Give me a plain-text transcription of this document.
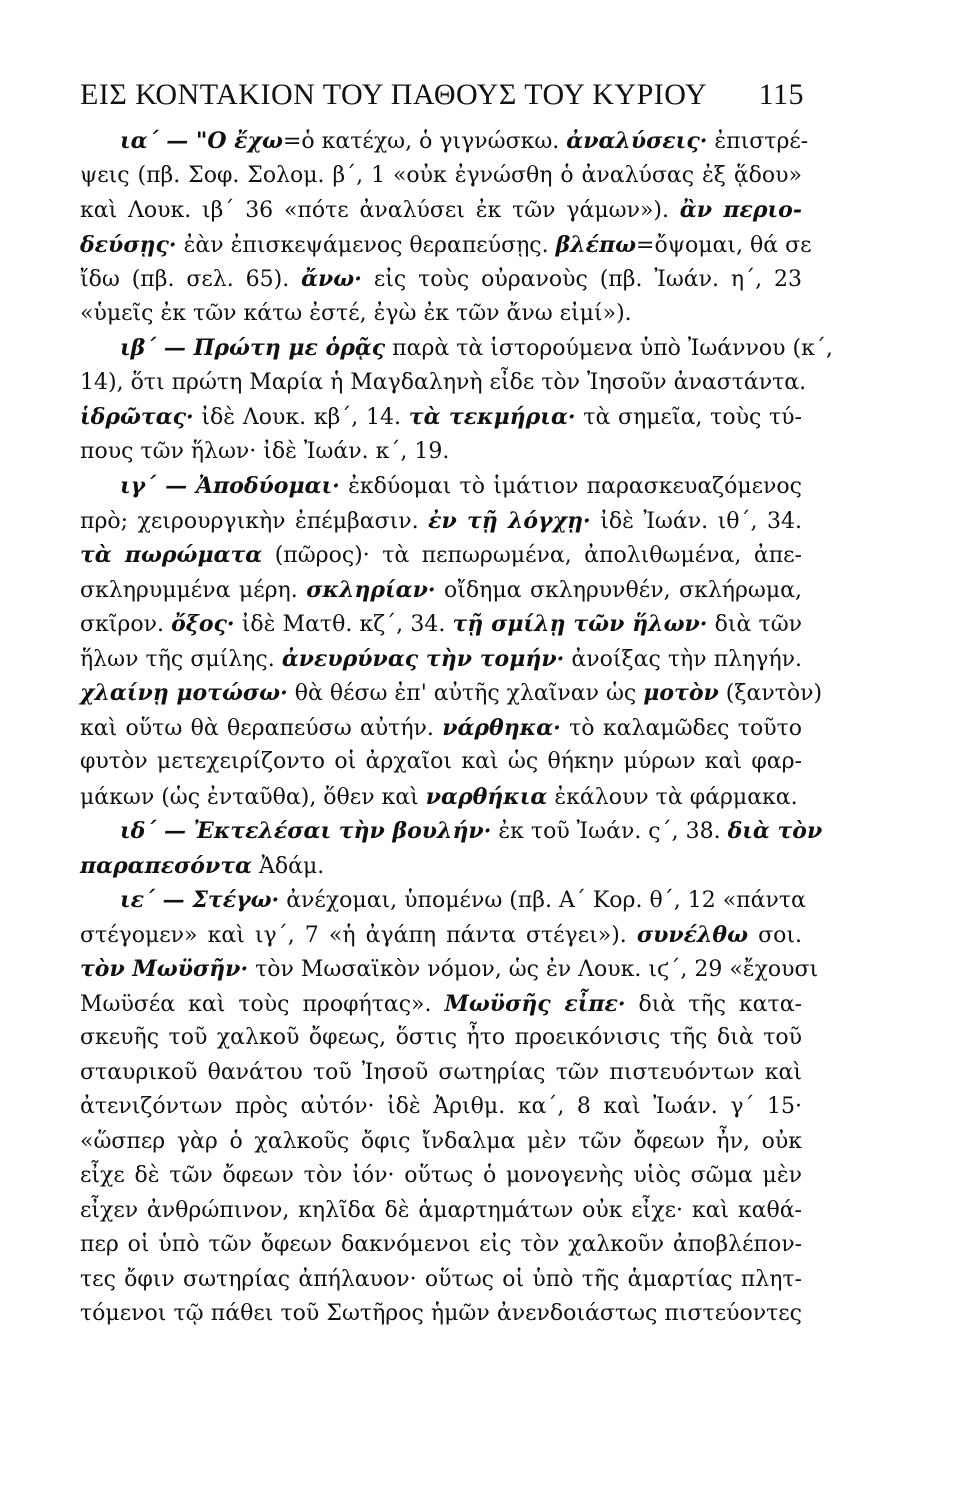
ΕΙΣ ΚΟΝΤΑΚΙΟΝ ΤΟΥ ΠΑΘΟΥΣ ΤΟΥ ΚΥΡΙΟΥ 115
ια΄ — "Ο ἔχω=ὁ κατέχω, ὁ γιγνώσκω. ἀναλύσεις· ἐπιστρέ-
ψεις (πβ. Σοφ. Σολομ. β΄, 1 «οὐκ ἐγνώσθη ὁ ἀναλύσας ἐξ ᾅδου»
καὶ Λουκ. ιβ΄ 36 «πότε ἀναλύσει ἐκ τῶν γάμων»). ἂν περιο-
δεύσῃς· ἐὰν ἐπισκεψάμενος θεραπεύσῃς. βλέπω=ὄψομαι, θά σε
ἴδω (πβ. σελ. 65). ἄνω· εἰς τοὺς οὐρανοὺς (πβ. Ἰωάν. η΄, 23
«ὑμεῖς ἐκ τῶν κάτω ἐστέ, ἐγὼ ἐκ τῶν ἄνω εἰμί»).
ιβ΄ — Πρώτη με ὁρᾷς παρὰ τὰ ἱστορούμενα ὑπὸ Ἰωάννου (κ΄,
14), ὅτι πρώτη Μαρία ἡ Μαγδαληνὴ εἶδε τὸν Ἰησοῦν ἀναστάντα.
ἱδρῶτας· ἰδὲ Λουκ. κβ΄, 14. τὰ τεκμήρια· τὰ σημεῖα, τοὺς τύ-
πους τῶν ἥλων· ἰδὲ Ἰωάν. κ΄, 19.
ιγ΄ — Ἀποδύομαι· ἐκδύομαι τὸ ἱμάτιον παρασκευαζόμενος
πρὸ; χειρουργικὴν ἐπέμβασιν. ἐν τῇ λόγχῃ· ἰδὲ Ἰωάν. ιθ΄, 34.
τὰ πωρώματα (πῶρος)· τὰ πεπωρωμένα, ἀπολιθωμένα, ἀπε-
σκληρυμμένα μέρη. σκληρίαν· οἴδημα σκληρυνθέν, σκλήρωμα,
σκῖρον. ὄξος· ἰδὲ Ματθ. κζ΄, 34. τῇ σμίλῃ τῶν ἥλων· διὰ τῶν
ἥλων τῆς σμίλης. ἀνευρύνας τὴν τομήν· ἀνοίξας τὴν πληγήν.
χλαίνῃ μοτώσω· θὰ θέσω ἐπ' αὐτῆς χλαῖναν ὡς μοτὸν (ξαντὸν)
καὶ οὕτω θὰ θεραπεύσω αὐτήν. νάρθηκα· τὸ καλαμῶδες τοῦτο
φυτὸν μετεχειρίζοντο οἱ ἀρχαῖοι καὶ ὡς θήκην μύρων καὶ φαρ-
μάκων (ὡς ἐνταῦθα), ὅθεν καὶ ναρθήκια ἐκάλουν τὰ φάρμακα.
ιδ΄ — Ἐκτελέσαι τὴν βουλήν· ἐκ τοῦ Ἰωάν. ς΄, 38. διὰ τὸν
παραπεσόντα Ἀδάμ.
ιε΄ — Στέγω· ἀνέχομαι, ὑπομένω (πβ. Α΄ Κορ. θ΄, 12 «πάντα
στέγομεν» καὶ ιγ΄, 7 «ἡ ἀγάπη πάντα στέγει»). συνέλθω σοι.
τὸν Μωϋσῆν· τὸν Μωσαϊκὸν νόμον, ὡς ἐν Λουκ. ιϛ΄, 29 «ἔχουσι
Μωϋσέα καὶ τοὺς προφήτας». Μωϋσῆς εἶπε· διὰ τῆς κατα-
σκευῆς τοῦ χαλκοῦ ὄφεως, ὅστις ἦτο προεικόνισις τῆς διὰ τοῦ
σταυρικοῦ θανάτου τοῦ Ἰησοῦ σωτηρίας τῶν πιστευόντων καὶ
ἀτενιζόντων πρὸς αὐτόν· ἰδὲ Ἀριθμ. κα΄, 8 καὶ Ἰωάν. γ΄ 15·
«ὥσπερ γὰρ ὁ χαλκοῦς ὄφις ἴνδαλμα μὲν τῶν ὄφεων ἦν, οὐκ
εἶχε δὲ τῶν ὄφεων τὸν ἰόν· οὕτως ὁ μονογενὴς υἱὸς σῶμα μὲν
εἶχεν ἀνθρώπινον, κηλῖδα δὲ ἁμαρτημάτων οὐκ εἶχε· καὶ καθά-
περ οἱ ὑπὸ τῶν ὄφεων δακνόμενοι εἰς τὸν χαλκοῦν ἀποβλέπον-
τες ὄφιν σωτηρίας ἀπήλαυον· οὕτως οἱ ὑπὸ τῆς ἁμαρτίας πλητ-
τόμενοι τῷ πάθει τοῦ Σωτῆρος ἡμῶν ἀνενδοιάστως πιστεύοντες
